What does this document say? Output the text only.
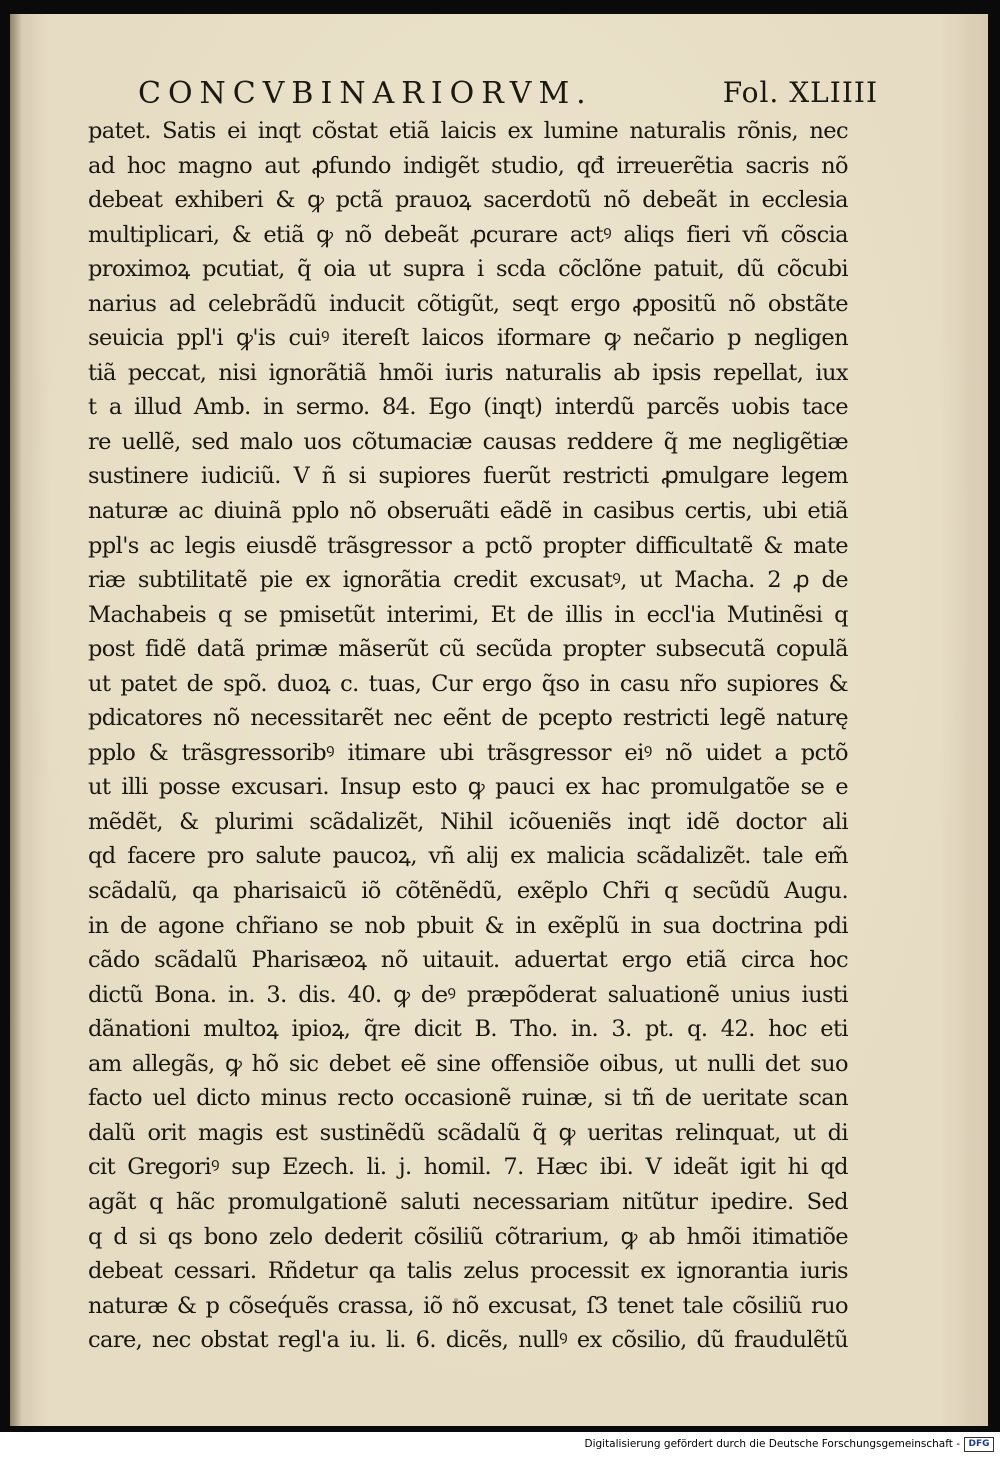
CONCVBINARIORVM.	Fol. XLIIII
patet. Satis ei inqt cõstat etiã laicis ex lumine naturalis rõnis, nec
ad hoc magno aut ꝓfundo indigẽt studio, qđ irreuerẽtia sacris nõ
debeat exhiberi & ꝙ pctã prauoꝝ sacerdotũ nõ debeãt in ecclesia
multiplicari, & etiã ꝙ nõ debeãt ꝓcurare actꝰ aliqs fieri vñ cõscia
proximoꝝ pcutiat, q̃ oia ut supra i scda cõclõne patuit, dũ cõcubi
narius ad celebrãdũ inducit cõtigũt, seqt ergo ꝓpositũ nõ obstãte
seuicia ppl'i ꝙ'is cuiꝰ itereſt laicos iformare ꝙ nec̃ario p negligen
tiã peccat, nisi ignorãtiã hmõi iuris naturalis ab ipsis repellat, iux
t a illud Amb. in sermo. 84. Ego (inqt) interdũ parcẽs uobis tace
re uellẽ, sed malo uos cõtumaciæ causas reddere q̃ me negligẽtiæ
sustinere iudiciũ. V ñ si supiores fuerũt restricti ꝓmulgare legem
naturæ ac diuinã pplo nõ obseruãti eãdẽ in casibus certis, ubi etiã
ppl's ac legis eiusdẽ trãsgressor a pctõ propter difficultatẽ & mate
riæ subtilitatẽ pie ex ignorãtia credit excusatꝰ, ut Macha. 2 ꝓ de
Machabeis q se pmisetũt interimi, Et de illis in eccl'ia Mutinẽsi q
post fidẽ datã primæ mãserũt cũ secũda propter subsecutã copulã
ut patet de spõ. duoꝝ c. tuas, Cur ergo q̃so in casu nr̃o supiores &
pdicatores nõ necessitarẽt nec eẽnt de pcepto restricti legẽ naturę
pplo & trãsgressoribꝰ itimare ubi trãsgressor eiꝰ nõ uidet a pctõ
ut illi posse excusari. Insup esto ꝙ pauci ex hac promulgatõe se e
mẽdẽt, & plurimi scãdalizẽt, Nihil icõueniẽs inqt idẽ doctor ali
qd facere pro salute paucoꝝ, vñ alij ex malicia scãdalizẽt. tale em̃
scãdalũ, qa pharisaicũ iõ cõtẽnẽdũ, exẽplo Chr̃i q secũdũ Augu.
in de agone chr̃iano se nob pbuit & in exẽplũ in sua doctrina pdi
cãdo scãdalũ Pharisæoꝝ nõ uitauit. aduertat ergo etiã circa hoc
dictũ Bona. in. 3. dis. 40. ꝙ deꝰ præpõderat saluationẽ unius iusti
dãnationi multoꝝ ipioꝝ, q̃re dicit B. Tho. in. 3. pt. q. 42. hoc eti
am allegãs, ꝙ hõ sic debet eẽ sine offensiõe oibus, ut nulli det suo
facto uel dicto minus recto occasionẽ ruinæ, si tñ de ueritate scan
dalũ orit magis est sustinẽdũ scãdalũ q̃ ꝙ ueritas relinquat, ut di
cit Gregoriꝰ sup Ezech. li. j. homil. 7. Hæc ibi. V ideãt igit hi qd
agãt q hãc promulgationẽ saluti necessariam nitũtur ipedire. Sed
q d si qs bono zelo dederit cõsiliũ cõtrarium, ꝙ ab hmõi itimatiõe
debeat cessari. Rñdetur qa talis zelus processit ex ignorantia iuris
naturæ & p cõseq́uẽs crassa, iõ nõ excusat, ſ3 tenet tale cõsiliũ ruo
care, nec obstat regl'a iu. li. 6. dicẽs, nullꝰ ex cõsilio, dũ fraudulẽtũ
Digitalisierung gefördert durch die Deutsche Forschungsgemeinschaft - DFG
